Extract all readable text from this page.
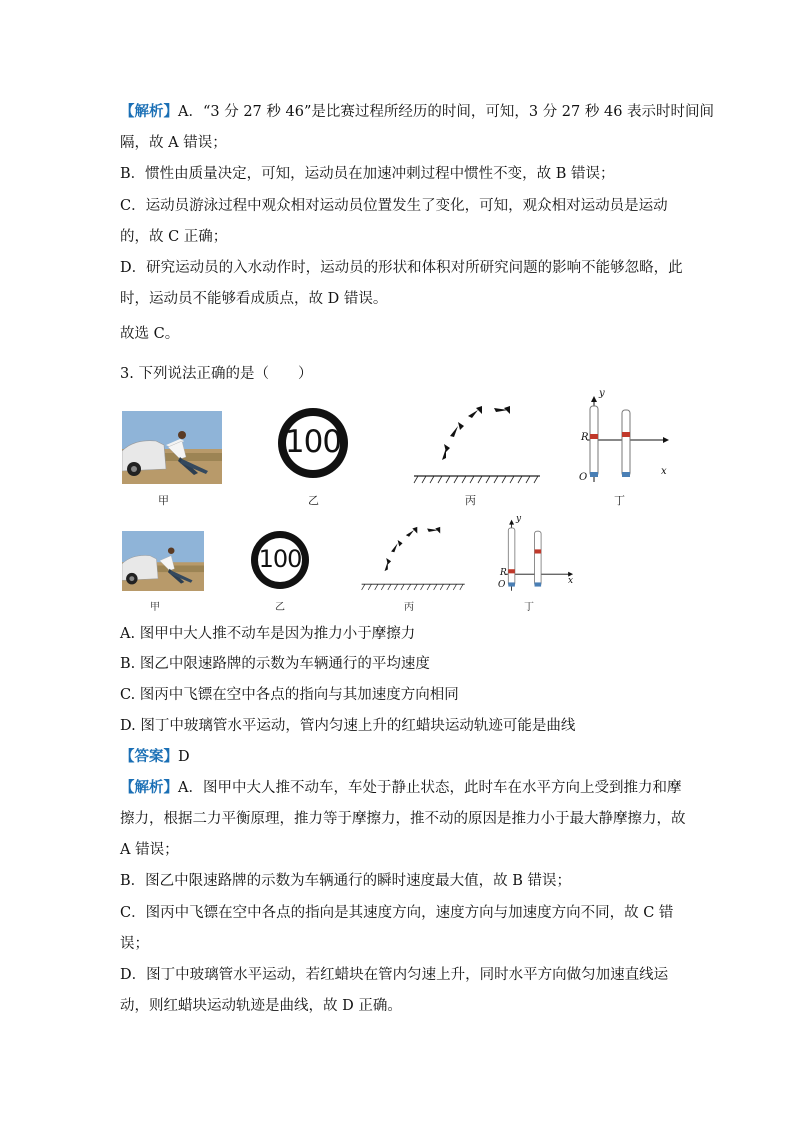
【解析】A．“3 分 27 秒 46”是比赛过程所经历的时间，可知，3 分 27 秒 46 表示时时间间
隔，故 A 错误；
B．惯性由质量决定，可知，运动员在加速冲刺过程中惯性不变，故 B 错误；
C．运动员游泳过程中观众相对运动员位置发生了变化，可知，观众相对运动员是运动
的，故 C 正确；
D．研究运动员的入水动作时，运动员的形状和体积对所研究问题的影响不能够忽略，此
时，运动员不能够看成质点，故 D 错误。
故选 C。
3. 下列说法正确的是（　　）
甲
100
乙	丙
y
x
R
O
丁
甲
100
乙	丙
y
x
R
O
丁
A. 图甲中大人推不动车是因为推力小于摩擦力
B. 图乙中限速路牌的示数为车辆通行的平均速度
C. 图丙中飞镖在空中各点的指向与其加速度方向相同
D. 图丁中玻璃管水平运动，管内匀速上升的红蜡块运动轨迹可能是曲线
【答案】D
【解析】A．图甲中大人推不动车，车处于静止状态，此时车在水平方向上受到推力和摩
擦力，根据二力平衡原理，推力等于摩擦力，推不动的原因是推力小于最大静摩擦力，故
A 错误；
B．图乙中限速路牌的示数为车辆通行的瞬时速度最大值，故 B 错误；
C．图丙中飞镖在空中各点的指向是其速度方向，速度方向与加速度方向不同，故 C 错
误；
D．图丁中玻璃管水平运动，若红蜡块在管内匀速上升，同时水平方向做匀加速直线运
动，则红蜡块运动轨迹是曲线，故 D 正确。
